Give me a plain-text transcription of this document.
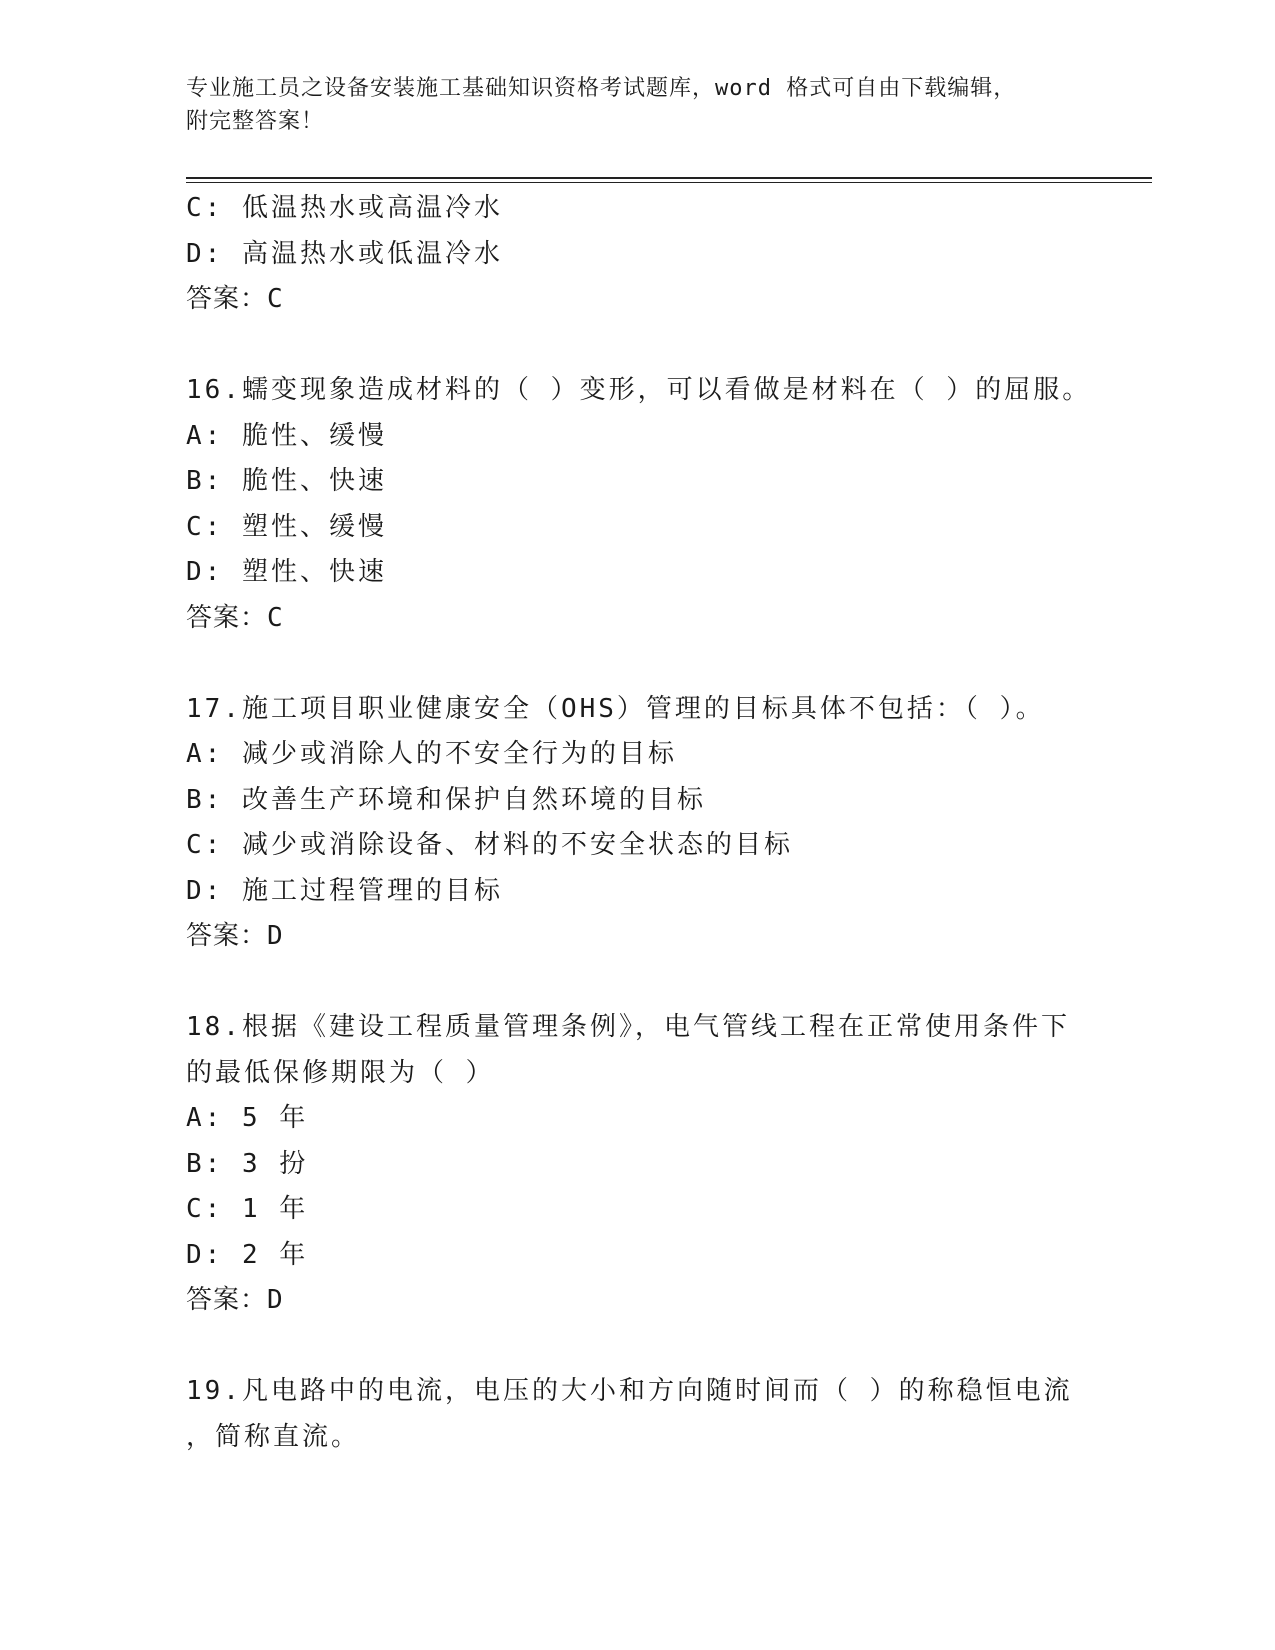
专业施工员之设备安装施工基础知识资格考试题库，word 格式可自由下载编辑，
附完整答案！
C: 低温热水或高温冷水
D: 高温热水或低温冷水
答案：C
16.蠕变现象造成材料的（ ）变形，可以看做是材料在（ ）的屈服。
A: 脆性、缓慢
B: 脆性、快速
C: 塑性、缓慢
D: 塑性、快速
答案：C
17.施工项目职业健康安全（OHS）管理的目标具体不包括：（ ）。
A: 减少或消除人的不安全行为的目标
B: 改善生产环境和保护自然环境的目标
C: 减少或消除设备、材料的不安全状态的目标
D: 施工过程管理的目标
答案：D
18.根据《建设工程质量管理条例》，电气管线工程在正常使用条件下
的最低保修期限为（ ）
A: 5 年
B: 3 扮
C: 1 年
D: 2 年
答案：D
19.凡电路中的电流，电压的大小和方向随时间而（ ）的称稳恒电流
，简称直流。
